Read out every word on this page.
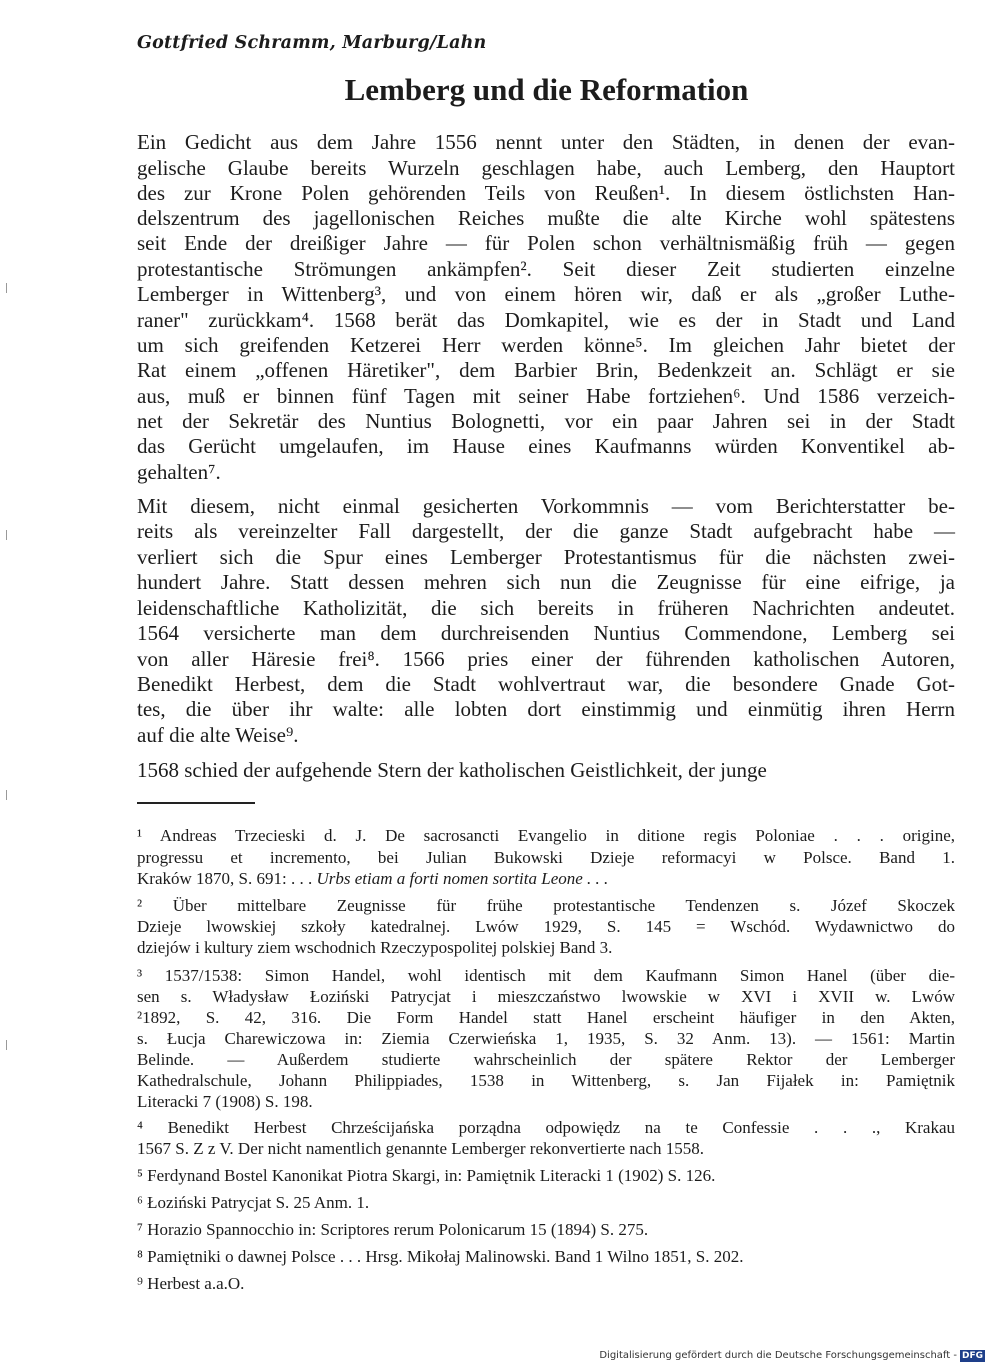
Gottfried Schramm, Marburg/Lahn
Lemberg und die Reformation
Ein Gedicht aus dem Jahre 1556 nennt unter den Städten, in denen der evan-
gelische Glaube bereits Wurzeln geschlagen habe, auch Lemberg, den Hauptort
des zur Krone Polen gehörenden Teils von Reußen¹. In diesem östlichsten Han-
delszentrum des jagellonischen Reiches mußte die alte Kirche wohl spätestens
seit Ende der dreißiger Jahre — für Polen schon verhältnismäßig früh — gegen
protestantische Strömungen ankämpfen². Seit dieser Zeit studierten einzelne
Lemberger in Wittenberg³, und von einem hören wir, daß er als „großer Luthe-
raner" zurückkam⁴. 1568 berät das Domkapitel, wie es der in Stadt und Land
um sich greifenden Ketzerei Herr werden könne⁵. Im gleichen Jahr bietet der
Rat einem „offenen Häretiker", dem Barbier Brin, Bedenkzeit an. Schlägt er sie
aus, muß er binnen fünf Tagen mit seiner Habe fortziehen⁶. Und 1586 verzeich-
net der Sekretär des Nuntius Bolognetti, vor ein paar Jahren sei in der Stadt
das Gerücht umgelaufen, im Hause eines Kaufmanns würden Konventikel ab-
gehalten⁷.
Mit diesem, nicht einmal gesicherten Vorkommnis — vom Berichterstatter be-
reits als vereinzelter Fall dargestellt, der die ganze Stadt aufgebracht habe —
verliert sich die Spur eines Lemberger Protestantismus für die nächsten zwei-
hundert Jahre. Statt dessen mehren sich nun die Zeugnisse für eine eifrige, ja
leidenschaftliche Katholizität, die sich bereits in früheren Nachrichten andeutet.
1564 versicherte man dem durchreisenden Nuntius Commendone, Lemberg sei
von aller Häresie frei⁸. 1566 pries einer der führenden katholischen Autoren,
Benedikt Herbest, dem die Stadt wohlvertraut war, die besondere Gnade Got-
tes, die über ihr walte: alle lobten dort einstimmig und einmütig ihren Herrn
auf die alte Weise⁹.
1568 schied der aufgehende Stern der katholischen Geistlichkeit, der junge
¹ Andreas Trzecieski d. J. De sacrosancti Evangelio in ditione regis Poloniae . . . origine,
progressu et incremento, bei Julian Bukowski Dzieje reformacyi w Polsce. Band 1.
Kraków 1870, S. 691: . . . Urbs etiam a forti nomen sortita Leone . . .
² Über mittelbare Zeugnisse für frühe protestantische Tendenzen s. Józef Skoczek
Dzieje lwowskiej szkoły katedralnej. Lwów 1929, S. 145 = Wschód. Wydawnictwo do
dziejów i kultury ziem wschodnich Rzeczypospolitej polskiej Band 3.
³ 1537/1538: Simon Handel, wohl identisch mit dem Kaufmann Simon Hanel (über die-
sen s. Władysław Łoziński Patrycjat i mieszczaństwo lwowskie w XVI i XVII w. Lwów
²1892, S. 42, 316. Die Form Handel statt Hanel erscheint häufiger in den Akten,
s. Łucja Charewiczowa in: Ziemia Czerwieńska 1, 1935, S. 32 Anm. 13). — 1561: Martin
Belinde. — Außerdem studierte wahrscheinlich der spätere Rektor der Lemberger
Kathedralschule, Johann Philippiades, 1538 in Wittenberg, s. Jan Fijałek in: Pamiętnik
Literacki 7 (1908) S. 198.
⁴ Benedikt Herbest Chrześcijańska porządna odpowiędz na te Confessie . . ., Krakau
1567 S. Z z V. Der nicht namentlich genannte Lemberger rekonvertierte nach 1558.
⁵ Ferdynand Bostel Kanonikat Piotra Skargi, in: Pamiętnik Literacki 1 (1902) S. 126.
⁶ Łoziński Patrycjat S. 25 Anm. 1.
⁷ Horazio Spannocchio in: Scriptores rerum Polonicarum 15 (1894) S. 275.
⁸ Pamiętniki o dawnej Polsce . . . Hrsg. Mikołaj Malinowski. Band 1 Wilno 1851, S. 202.
⁹ Herbest a.a.O.
Digitalisierung gefördert durch die Deutsche Forschungsgemeinschaft - DFG
